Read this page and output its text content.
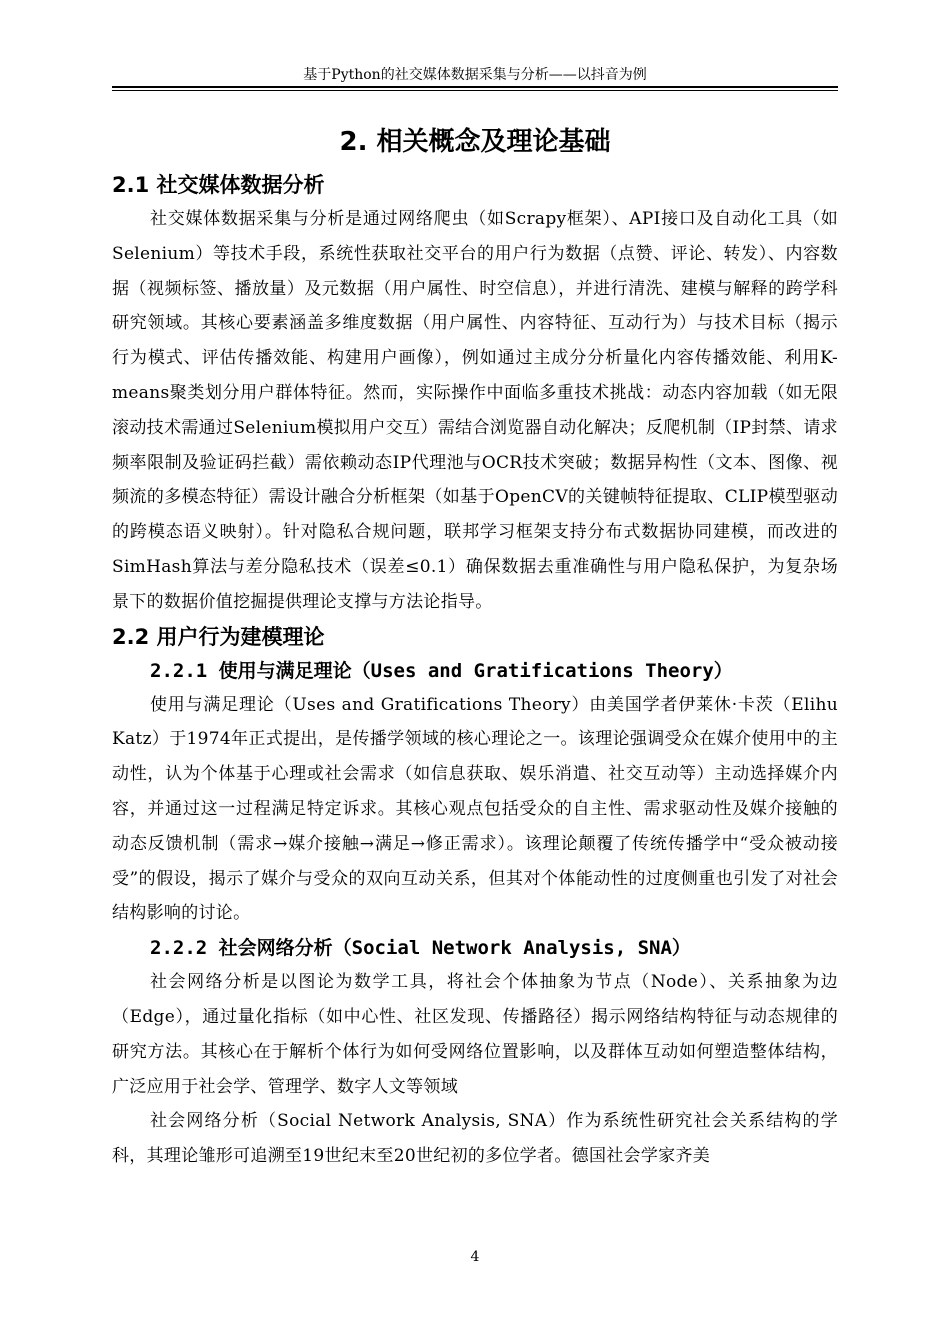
基于Python的社交媒体数据采集与分析——以抖音为例
2. 相关概念及理论基础
2.1 社交媒体数据分析

社交媒体数据采集与分析是通过网络爬虫（如Scrapy框架）、API接口及自动化工具（如Selenium）等技术手段，系统性获取社交平台的用户行为数据（点赞、评论、转发）、内容数据（视频标签、播放量）及元数据（用户属性、时空信息），并进行清洗、建模与解释的跨学科研究领域。其核心要素涵盖多维度数据（用户属性、内容特征、互动行为）与技术目标（揭示行为模式、评估传播效能、构建用户画像），例如通过主成分分析量化内容传播效能、利用K-means聚类划分用户群体特征。然而，实际操作中面临多重技术挑战：动态内容加载（如无限滚动技术需通过Selenium模拟用户交互）需结合浏览器自动化解决；反爬机制（IP封禁、请求频率限制及验证码拦截）需依赖动态IP代理池与OCR技术突破；数据异构性（文本、图像、视频流的多模态特征）需设计融合分析框架（如基于OpenCV的关键帧特征提取、CLIP模型驱动的跨模态语义映射）。针对隐私合规问题，联邦学习框架支持分布式数据协同建模，而改进的SimHash算法与差分隐私技术（误差≤0.1）确保数据去重准确性与用户隐私保护，为复杂场景下的数据价值挖掘提供理论支撑与方法论指导。

2.2 用户行为建模理论
2.2.1 使用与满足理论（Uses and Gratifications Theory）

使用与满足理论（Uses and Gratifications Theory）由美国学者伊莱休·卡茨（Elihu Katz）于1974年正式提出，是传播学领域的核心理论之一。该理论强调受众在媒介使用中的主动性，认为个体基于心理或社会需求（如信息获取、娱乐消遣、社交互动等）主动选择媒介内容，并通过这一过程满足特定诉求。其核心观点包括受众的自主性、需求驱动性及媒介接触的动态反馈机制（需求→媒介接触→满足→修正需求）。该理论颠覆了传统传播学中“受众被动接受”的假设，揭示了媒介与受众的双向互动关系，但其对个体能动性的过度侧重也引发了对社会结构影响的讨论。

2.2.2 社会网络分析（Social Network Analysis, SNA）

社会网络分析是以图论为数学工具，将社会个体抽象为节点（Node）、关系抽象为边（Edge），通过量化指标（如中心性、社区发现、传播路径）揭示网络结构特征与动态规律的研究方法。其核心在于解析个体行为如何受网络位置影响，以及群体互动如何塑造整体结构，广泛应用于社会学、管理学、数字人文等领域

社会网络分析（Social Network Analysis, SNA）作为系统性研究社会关系结构的学科，其理论雏形可追溯至19世纪末至20世纪初的多位学者。德国社会学家齐美

4
